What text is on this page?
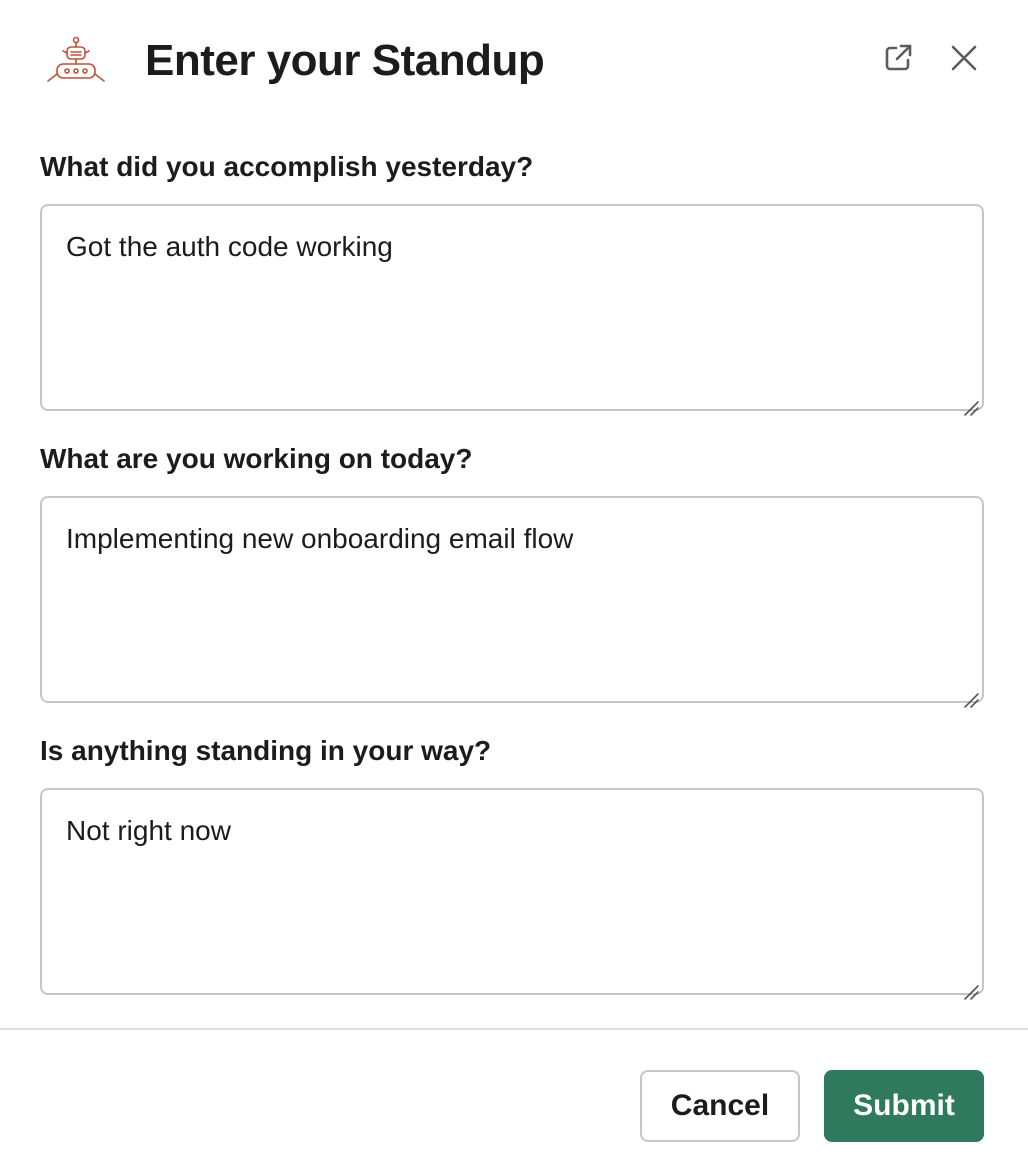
Enter your Standup
What did you accomplish yesterday?
Got the auth code working
What are you working on today?
Implementing new onboarding email flow
Is anything standing in your way?
Not right now
Cancel	Submit
